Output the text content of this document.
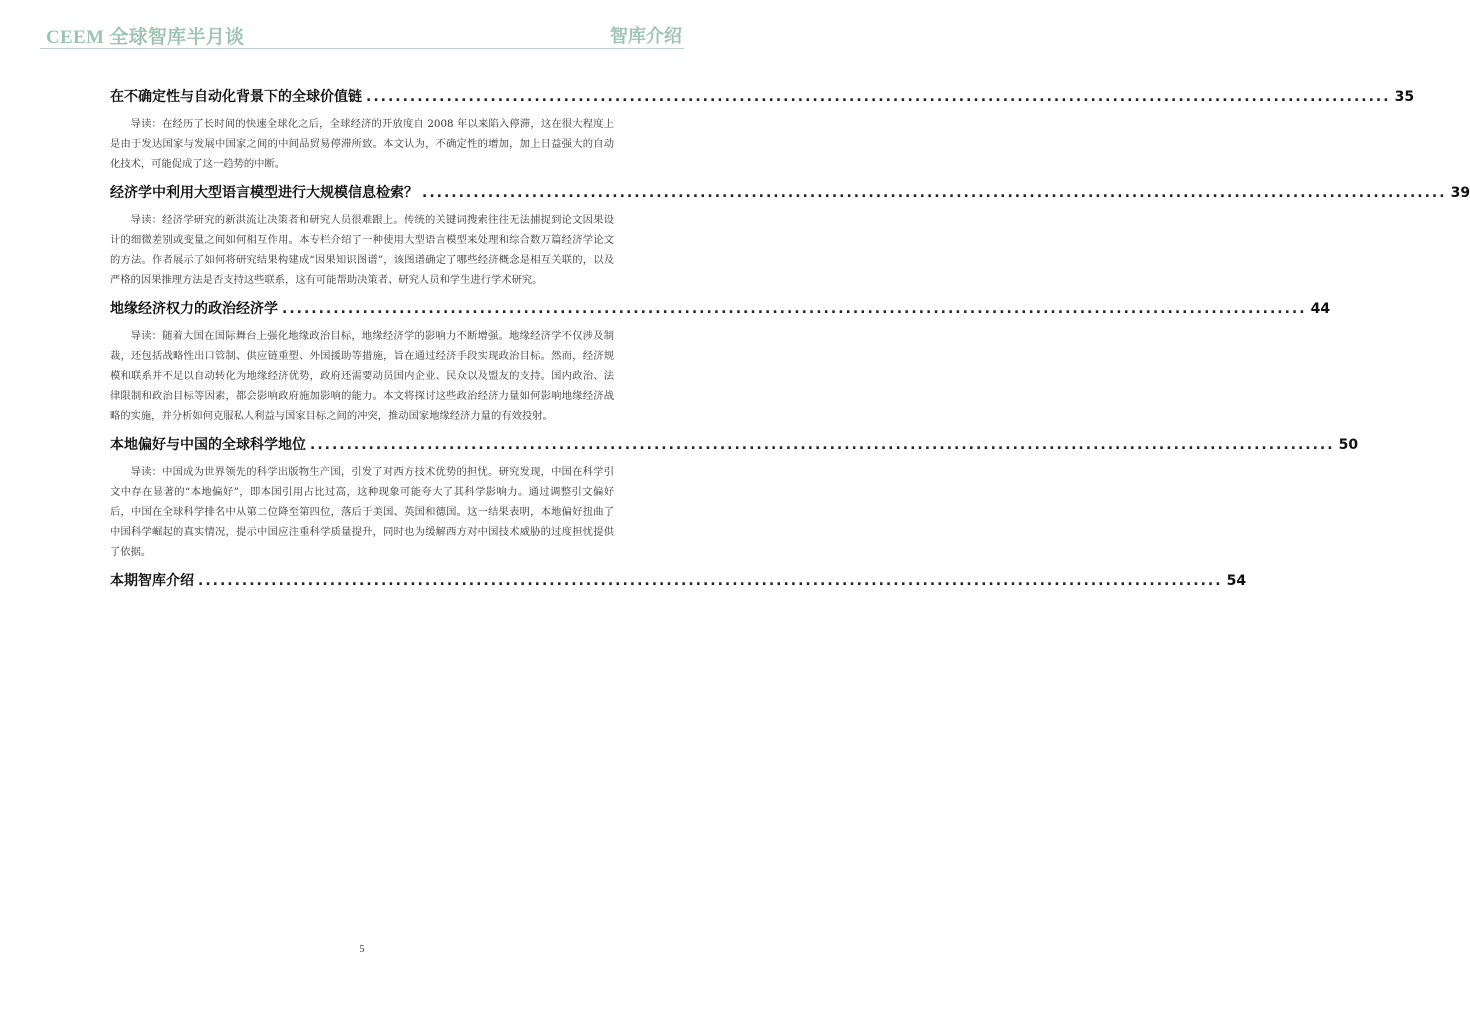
CEEM 全球智库半月谈	智库介绍
在不确定性与自动化背景下的全球价值链 ............................................................................................................................................ 35

导读：在经历了长时间的快速全球化之后，全球经济的开放度自 2008 年以来陷入停滞，这在很大程度上是由于发达国家与发展中国家之间的中间品贸易停滞所致。本文认为，不确定性的增加，加上日益强大的自动化技术，可能促成了这一趋势的中断。

经济学中利用大型语言模型进行大规模信息检索？ ............................................................................................................................................ 39

导读：经济学研究的新洪流让决策者和研究人员很难跟上。传统的关键词搜索往往无法捕捉到论文因果设计的细微差别或变量之间如何相互作用。本专栏介绍了一种使用大型语言模型来处理和综合数万篇经济学论文的方法。作者展示了如何将研究结果构建成“因果知识图谱”，该图谱确定了哪些经济概念是相互关联的，以及严格的因果推理方法是否支持这些联系，这有可能帮助决策者、研究人员和学生进行学术研究。

地缘经济权力的政治经济学 ............................................................................................................................................ 44

导读：随着大国在国际舞台上强化地缘政治目标，地缘经济学的影响力不断增强。地缘经济学不仅涉及制裁，还包括战略性出口管制、供应链重塑、外国援助等措施，旨在通过经济手段实现政治目标。然而，经济规模和联系并不足以自动转化为地缘经济优势，政府还需要动员国内企业、民众以及盟友的支持。国内政治、法律限制和政治目标等因素，都会影响政府施加影响的能力。本文将探讨这些政治经济力量如何影响地缘经济战略的实施，并分析如何克服私人利益与国家目标之间的冲突，推动国家地缘经济力量的有效投射。

本地偏好与中国的全球科学地位 ............................................................................................................................................ 50

导读：中国成为世界领先的科学出版物生产国，引发了对西方技术优势的担忧。研究发现，中国在科学引文中存在显著的“本地偏好”，即本国引用占比过高，这种现象可能夸大了其科学影响力。通过调整引文偏好后，中国在全球科学排名中从第二位降至第四位，落后于美国、英国和德国。这一结果表明，本地偏好扭曲了中国科学崛起的真实情况，提示中国应注重科学质量提升，同时也为缓解西方对中国技术威胁的过度担忧提供了依据。

本期智库介绍 ............................................................................................................................................ 54
5
